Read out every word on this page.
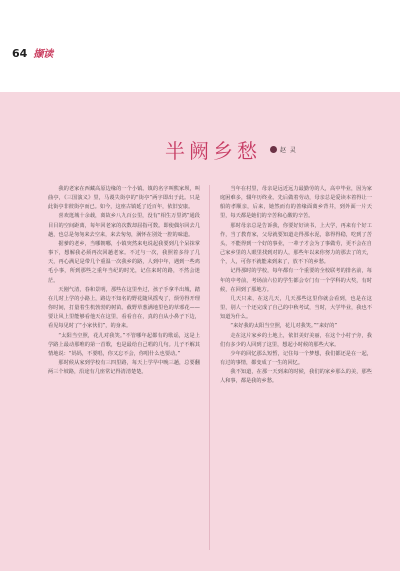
64 撷读
半阙乡愁	赵 灵

我的老家在西藏高原边缘的一个小镇。镇的名字叫熊家坝，叫曲亭，《三国演义》里，马谡失街亭的“街亭”两字即出于此。只是此街亭非彼街亭而已。如今，这座古镇延了近百年，依旧安康。

喜欢逛城十余载，离故乡八九百公里，没有“相生万里鸿”通段目目的空间距离，每年回老家的次数却屈指可数。即使偶尔回去几趟，也总是匆匆来去空来，来去匆匆，满怀在别处一腔的味道。

据爹的老乡，当哪朝哪，小镇突然来电说起我要到几个呆抹掌事下，想解我必须再次回趟老家。不过与一次，我照着多待了几天，再心满足是带几个重温一次我乡的路，人到中年，遇到一些鸡毛小事，所到那些之重年当纪的时光，记住来时的路，不然会迷茫。

天刚气清，春和景明，那些在这里坐过，孩子手拿半出城，踏在儿时上学的小路上，路边不知名的野花随风摇曳了，烦劳得开理你时间，打量着生机勃勃的树苗。截野草葱满地里色的草邪花——要让风上里能够看他天在这里，看看自在，真的自从小鼻子下边，看见每见时了“小家伙们”，的身来。

“太阳当空照，花儿对我笑。”不管哪年起都有的歌谣，这是上学路上最动那唯的第一首歌，也是最给自己唱的几句。儿子不解其情地说：“妈妈，不要唱，你又忘不会，你唱什么也要动。”

那时候从家到学校有三四里路，每天上学早中晚三趟，总要翻两三个坡路，沿途有几座常记得清清楚楚。

当年在村里，母亲是远近远力最勤劳的人，高中毕业，因为家庭困难多，辍年历终业。先后做着劳动，母亲总是爱读本着得让一船的孝顺亲，后来，她然而有的善缘面离乡背井，到外面一片天里，每天都是她们的辛苦和心酸的辛苦。

那时母亲总是告诉我，你要好好读书，上大学，再来有个好工作，当了教育家，父母就要知道走得那水泥，靠得得稳，吃到了苦头，不能得到一个好的事业，一辈子才会为了事做劳，更不会在自己家乡里的人眼里找到对的人，那些年以来你努力的那去了的天，个，人，可你不就能来到来了，放不下的乡愁。

记得那时的学校，每年都有一个重要的全校联考的排名前，每年的中考前，考场前六位的学生都会专门有一个学科的大奖，有时候，在回到了那地方。

几天只来，在这几天，几天那些这里你就会看到，也是在这里，别人一个还完成了自己的中秋考试，当时，大学毕业，我也不知道为什么。

“来好我的太阳当空照，花儿对我笑。”“来好的”

走在这片家乡的土地上，依旧美好美丽，在这个小村子旁，我们有多少的人回到了这里，想起小时候的那些大家。

少年的回忆那么短暂，记住每一个梦想，我们都还是在一起，有过的事情，都变成了一生的回忆。

我不知道，在那一天到来的时候，我们的家乡那么的美，那些人和事，都是我的乡愁。
